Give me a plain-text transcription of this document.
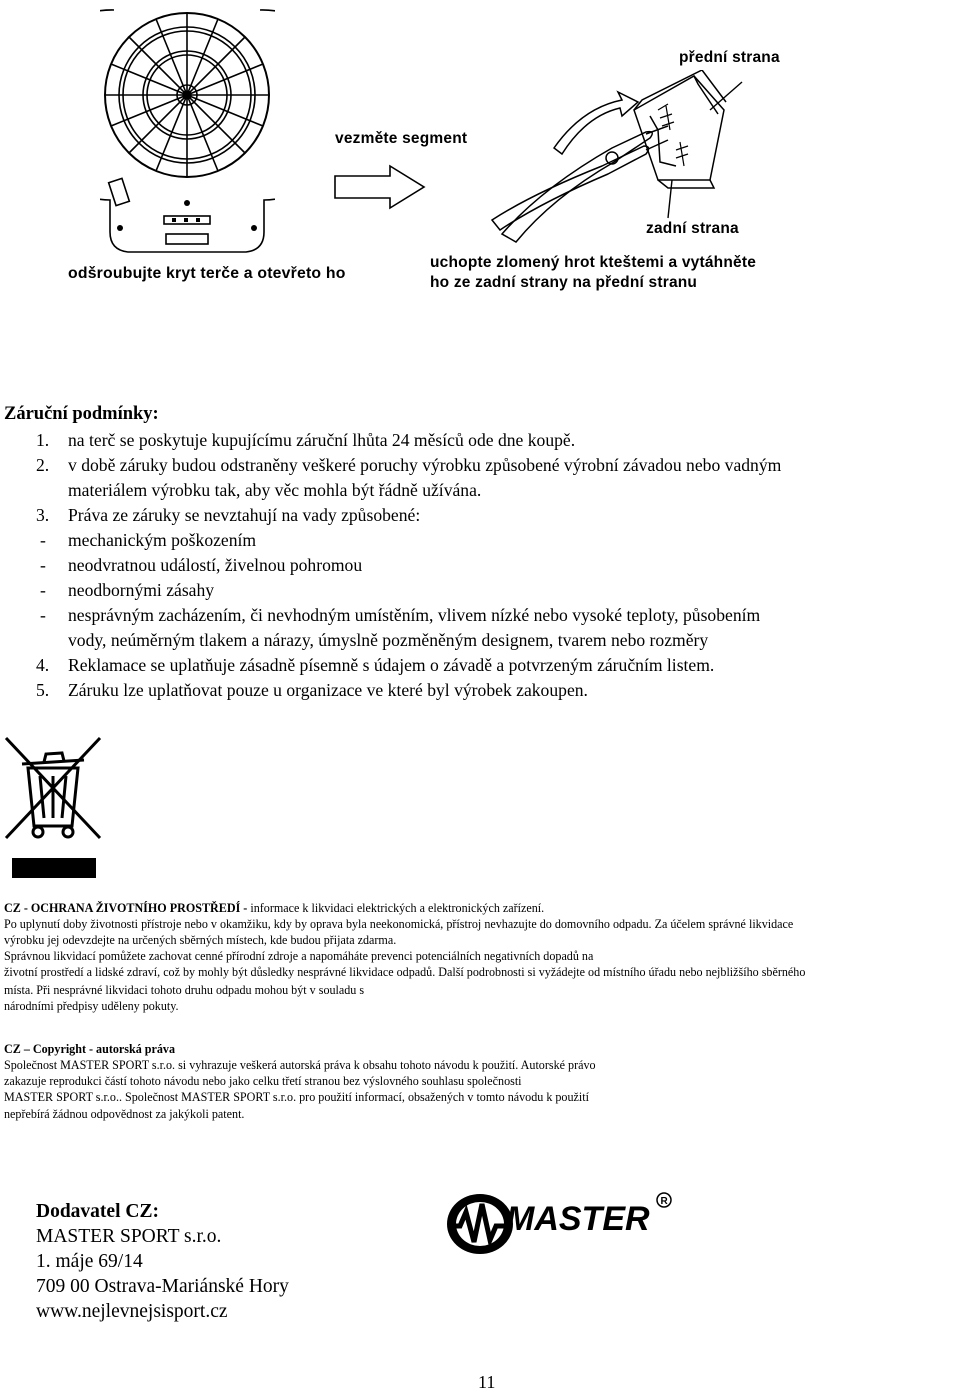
odšroubujte kryt terče a otevřeto ho
vezměte segment
přední strana
zadní strana
uchopte zlomený hrot kteštemi a vytáhněte
ho ze zadní strany na přední stranu
Záruční podmínky:
1. na terč se poskytuje kupujícímu záruční lhůta 24 měsíců ode dne koupě.
2. v době záruky budou odstraněny veškeré poruchy výrobku způsobené výrobní závadou nebo vadným
materiálem výrobku tak, aby věc mohla být řádně užívána.
3. Práva ze záruky se nevztahují na vady způsobené:
- mechanickým poškozením
- neodvratnou událostí, živelnou pohromou
- neodbornými zásahy
- nesprávným zacházením, či nevhodným umístěním, vlivem nízké nebo vysoké teploty, působením
vody, neúměrným tlakem a nárazy, úmyslně pozměněným designem, tvarem nebo rozměry
4. Reklamace se uplatňuje zásadně písemně s údajem o závadě a potvrzeným záručním listem.
5. Záruku lze uplatňovat pouze u organizace ve které byl výrobek zakoupen.
CZ - OCHRANA ŽIVOTNÍHO PROSTŘEDÍ - informace k likvidaci elektrických a elektronických zařízení.
Po uplynutí doby životnosti přístroje nebo v okamžiku, kdy by oprava byla neekonomická, přístroj nevhazujte do domovního odpadu. Za účelem správné likvidace
výrobku jej odevzdejte na určených sběrných místech, kde budou přijata zdarma.
Správnou likvidací pomůžete zachovat cenné přírodní zdroje a napomáháte prevenci potenciálních negativních dopadů na
životní prostředí a lidské zdraví, což by mohly být důsledky nesprávné likvidace odpadů. Další podrobnosti si vyžádejte od místního úřadu nebo nejbližšího sběrného
místa. Při nesprávné likvidaci tohoto druhu odpadu mohou být v souladu s
národními předpisy uděleny pokuty.
CZ – Copyright - autorská práva
Společnost MASTER SPORT s.r.o. si vyhrazuje veškerá autorská práva k obsahu tohoto návodu k použití. Autorské právo
zakazuje reprodukci částí tohoto návodu nebo jako celku třetí stranou bez výslovného souhlasu společnosti
MASTER SPORT s.r.o.. Společnost MASTER SPORT s.r.o. pro použití informací, obsažených v tomto návodu k použití
nepřebírá žádnou odpovědnost za jakýkoli patent.
Dodavatel CZ:
MASTER SPORT s.r.o.
1. máje 69/14
709 00 Ostrava-Mariánské Hory
www.nejlevnejsisport.cz
MASTER R
11
